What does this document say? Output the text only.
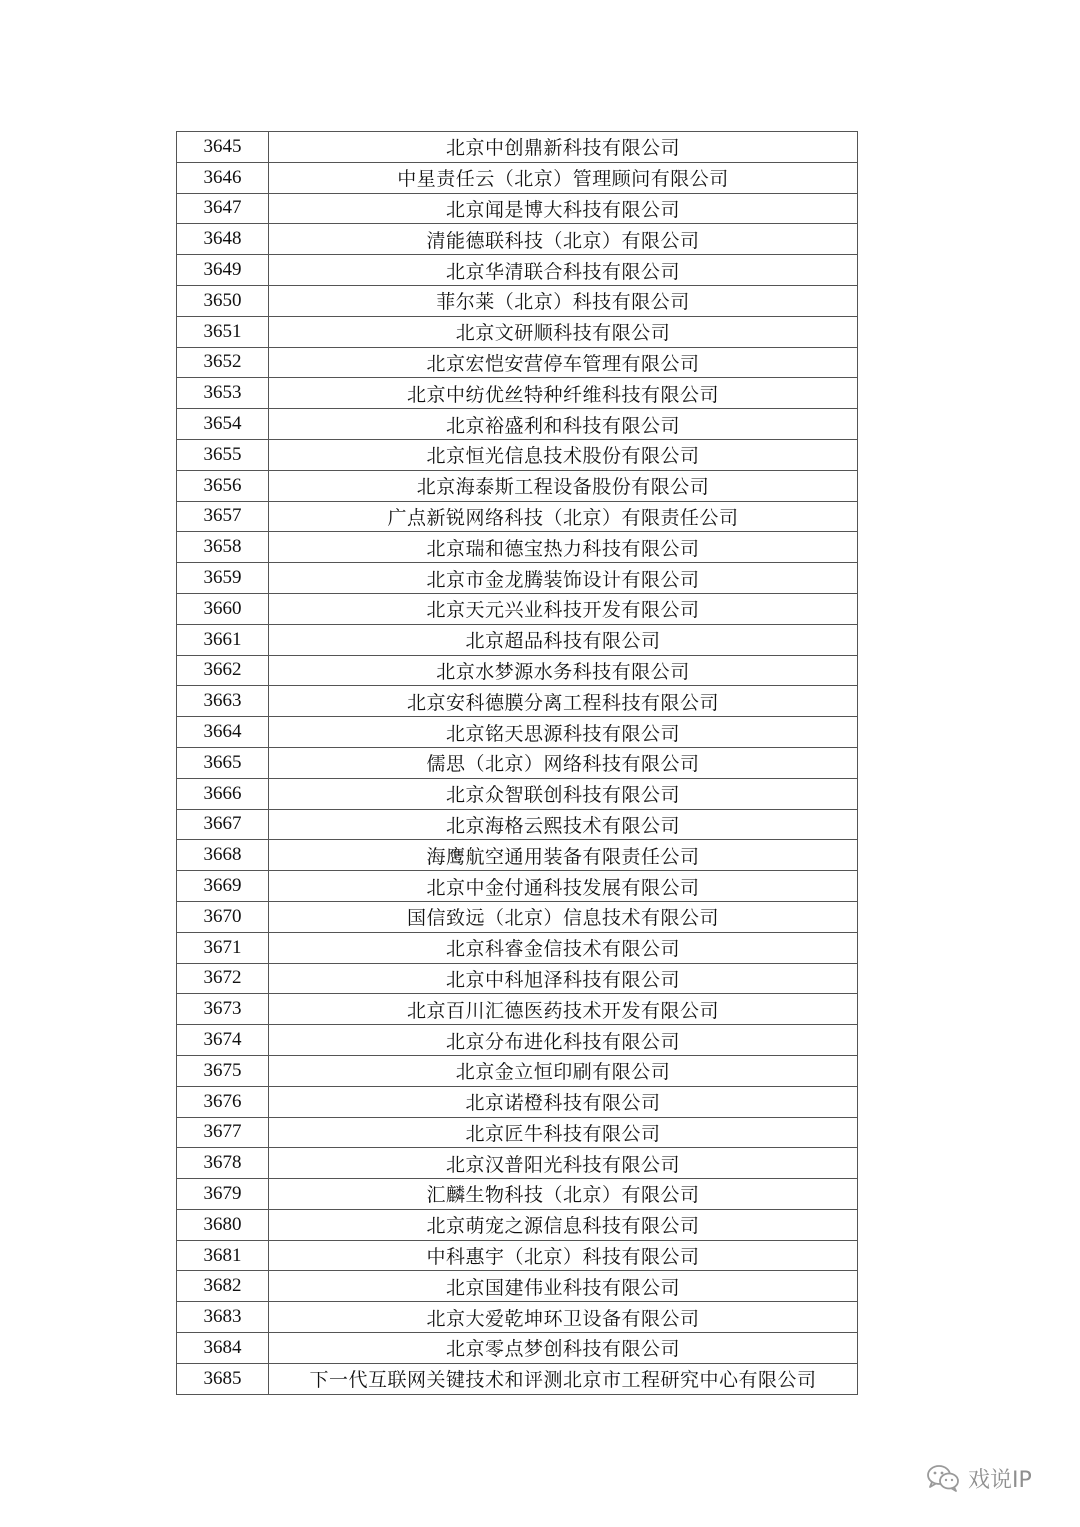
3645	北京中创鼎新科技有限公司
3646	中星责任云（北京）管理顾问有限公司
3647	北京闻是博大科技有限公司
3648	清能德联科技（北京）有限公司
3649	北京华清联合科技有限公司
3650	菲尔莱（北京）科技有限公司
3651	北京文研顺科技有限公司
3652	北京宏恺安营停车管理有限公司
3653	北京中纺优丝特种纤维科技有限公司
3654	北京裕盛利和科技有限公司
3655	北京恒光信息技术股份有限公司
3656	北京海泰斯工程设备股份有限公司
3657	广点新锐网络科技（北京）有限责任公司
3658	北京瑞和德宝热力科技有限公司
3659	北京市金龙腾装饰设计有限公司
3660	北京天元兴业科技开发有限公司
3661	北京超品科技有限公司
3662	北京水梦源水务科技有限公司
3663	北京安科德膜分离工程科技有限公司
3664	北京铭天思源科技有限公司
3665	儒思（北京）网络科技有限公司
3666	北京众智联创科技有限公司
3667	北京海格云熙技术有限公司
3668	海鹰航空通用装备有限责任公司
3669	北京中金付通科技发展有限公司
3670	国信致远（北京）信息技术有限公司
3671	北京科睿金信技术有限公司
3672	北京中科旭泽科技有限公司
3673	北京百川汇德医药技术开发有限公司
3674	北京分布进化科技有限公司
3675	北京金立恒印刷有限公司
3676	北京诺橙科技有限公司
3677	北京匠牛科技有限公司
3678	北京汉普阳光科技有限公司
3679	汇麟生物科技（北京）有限公司
3680	北京萌宠之源信息科技有限公司
3681	中科惠宇（北京）科技有限公司
3682	北京国建伟业科技有限公司
3683	北京大爱乾坤环卫设备有限公司
3684	北京零点梦创科技有限公司
3685	下一代互联网关键技术和评测北京市工程研究中心有限公司
戏说IP
